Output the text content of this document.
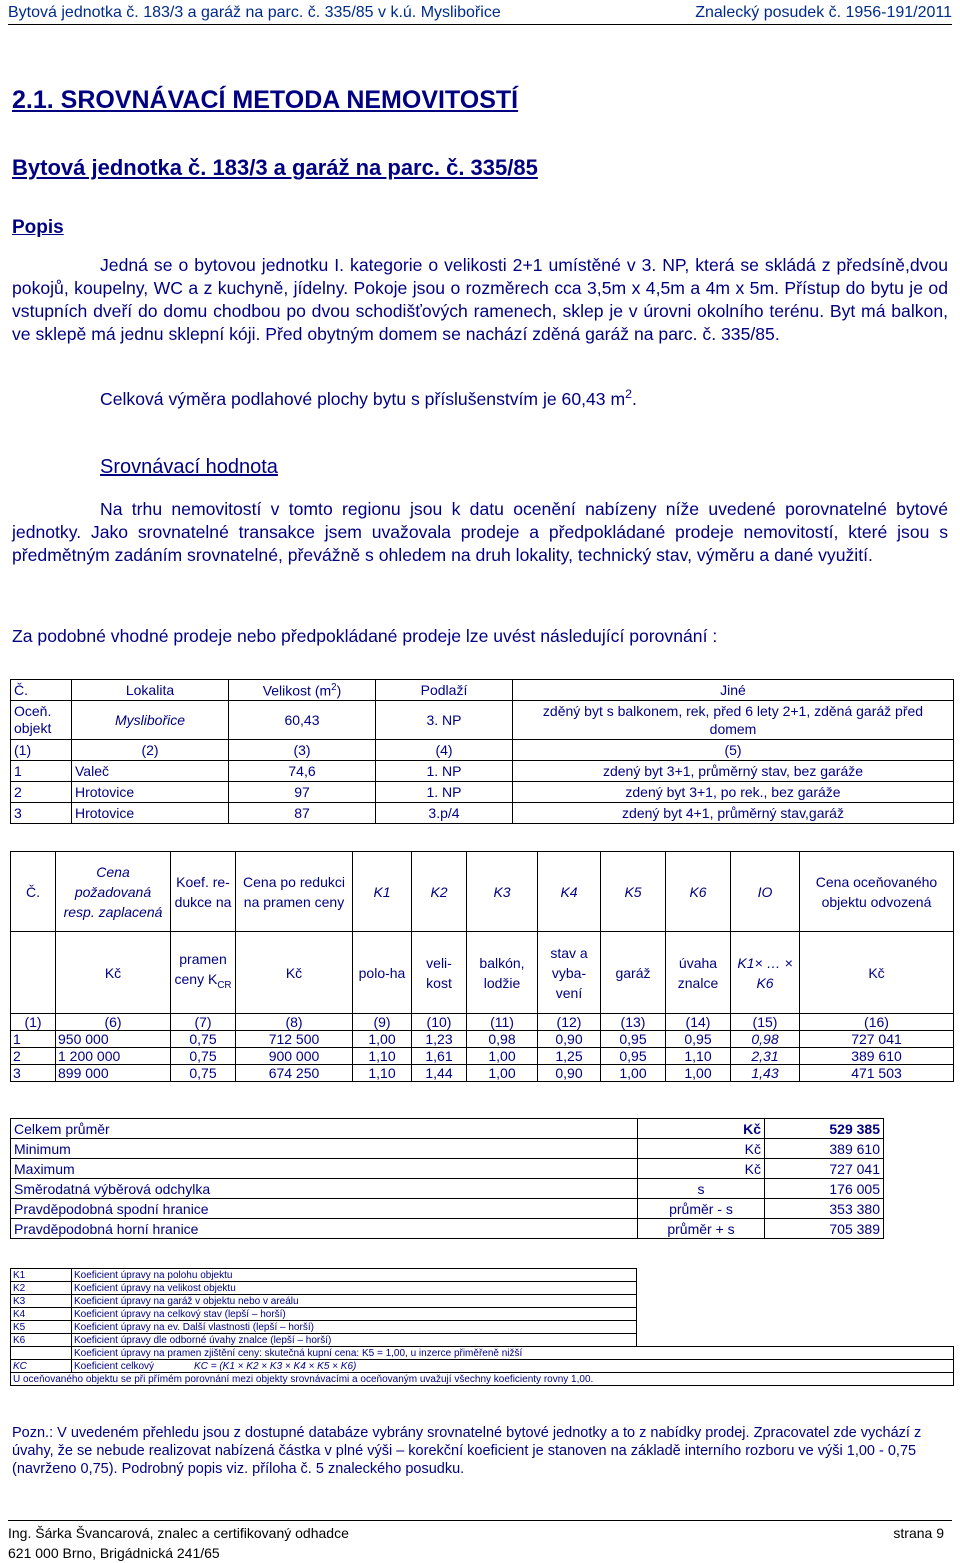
Bytová jednotka č. 183/3 a garáž na parc. č. 335/85 v k.ú. Myslibořice	Znalecký posudek č. 1956-191/2011
2.1. SROVNÁVACÍ METODA NEMOVITOSTÍ
Bytová jednotka č. 183/3 a garáž na parc. č. 335/85
Popis

Jedná se o bytovou jednotku I. kategorie o velikosti 2+1 umístěné v 3. NP, která se skládá z předsíně,dvou pokojů, koupelny, WC a z kuchyně, jídelny. Pokoje jsou o rozměrech cca 3,5m x 4,5m a 4m x 5m. Přístup do bytu je od vstupních dveří do domu chodbou po dvou schodišťových ramenech, sklep je v úrovni okolního terénu. Byt má balkon, ve sklepě má jednu sklepní kóji. Před obytným domem se nachází zděná garáž na parc. č. 335/85.

Celková výměra podlahové plochy bytu s příslušenstvím je 60,43 $m^2$.
Srovnávací hodnota

Na trhu nemovitostí v tomto regionu jsou k datu ocenění nabízeny níže uvedené porovnatelné bytové jednotky. Jako srovnatelné transakce jsem uvažovala prodeje a předpokládané prodeje nemovitostí, které jsou s předmětným zadáním srovnatelné, převážně s ohledem na druh lokality, technický stav, výměru a dané využití.

Za podobné vhodné prodeje nebo předpokládané prodeje lze uvést následující porovnání :
Č.	Lokalita	Velikost $(m^2)$	Podlaží	Jiné
Oceň.
objekt	Myslibořice	60,43	3. NP	zděný byt s balkonem, rek, před 6 lety 2+1, zděná garáž před
domem
(1)	(2)	(3)	(4)	(5)
1	Valeč	74,6	1. NP	zdený byt 3+1, průměrný stav, bez garáže
2	Hrotovice	97	1. NP	zdený byt 3+1, po rek., bez garáže
3	Hrotovice	87	3.p/4	zdený byt 4+1, průměrný stav,garáž
Č.	Cena požadovaná resp. zaplacená	Koef. re-dukce na	Cena po redukci na pramen ceny	K1	K2	K3	K4	K5	K6	IO	Cena oceňovaného objektu odvozená
	Kč	pramen ceny $K_{CR}$	Kč	polo-ha	veli-kost	balkón, lodžie	stav a vyba-vení	garáž	úvaha znalce	K1× … × K6	Kč
(1)	(6)	(7)	(8)	(9)	(10)	(11)	(12)	(13)	(14)	(15)	(16)
1	950 000	0,75	712 500	1,00	1,23	0,98	0,90	0,95	0,95	0,98	727 041
2	1 200 000	0,75	900 000	1,10	1,61	1,00	1,25	0,95	1,10	2,31	389 610
3	899 000	0,75	674 250	1,10	1,44	1,00	0,90	1,00	1,00	1,43	471 503
Celkem průměr	Kč	529 385
Minimum	Kč	389 610
Maximum	Kč	727 041
Směrodatná výběrová odchylka	s	176 005
Pravděpodobná spodní hranice	průměr - s	353 380
Pravděpodobná horní hranice	průměr + s	705 389
K1	Koeficient úpravy na polohu objektu	
K2	Koeficient úpravy na velikost objektu	
K3	Koeficient úpravy na garáž v objektu nebo v areálu	
K4	Koeficient úpravy na celkový stav (lepší – horší)	
K5	Koeficient úpravy na ev. Další vlastnosti (lepší – horší)	
K6	Koeficient úpravy dle odborné úvahy znalce (lepší – horší)	
	Koeficient úpravy na pramen zjištění ceny: skutečná kupní cena: K5 = 1,00, u inzerce přiměřeně nižší	
KC	Koeficient celkový KC = (K1 × K2 × K3 × K4 × K5 × K6)	
U oceňovaného objektu se při přímém porovnání mezi objekty srovnávacími a oceňovaným uvažují všechny koeficienty rovny 1,00.		
Pozn.: V uvedeném přehledu jsou z dostupné databáze vybrány srovnatelné bytové jednotky a to z nabídky prodej. Zpracovatel zde vychází z úvahy, že se nebude realizovat nabízená částka v plné výši – korekční koeficient je stanoven na základě interního rozboru ve výši 1,00 - 0,75 (navrženo 0,75). Podrobný popis viz. příloha č. 5 znaleckého posudku.
Ing. Šárka Švancarová, znalec a certifikovaný odhadce	strana 9
621 000 Brno, Brigádnická 241/65
